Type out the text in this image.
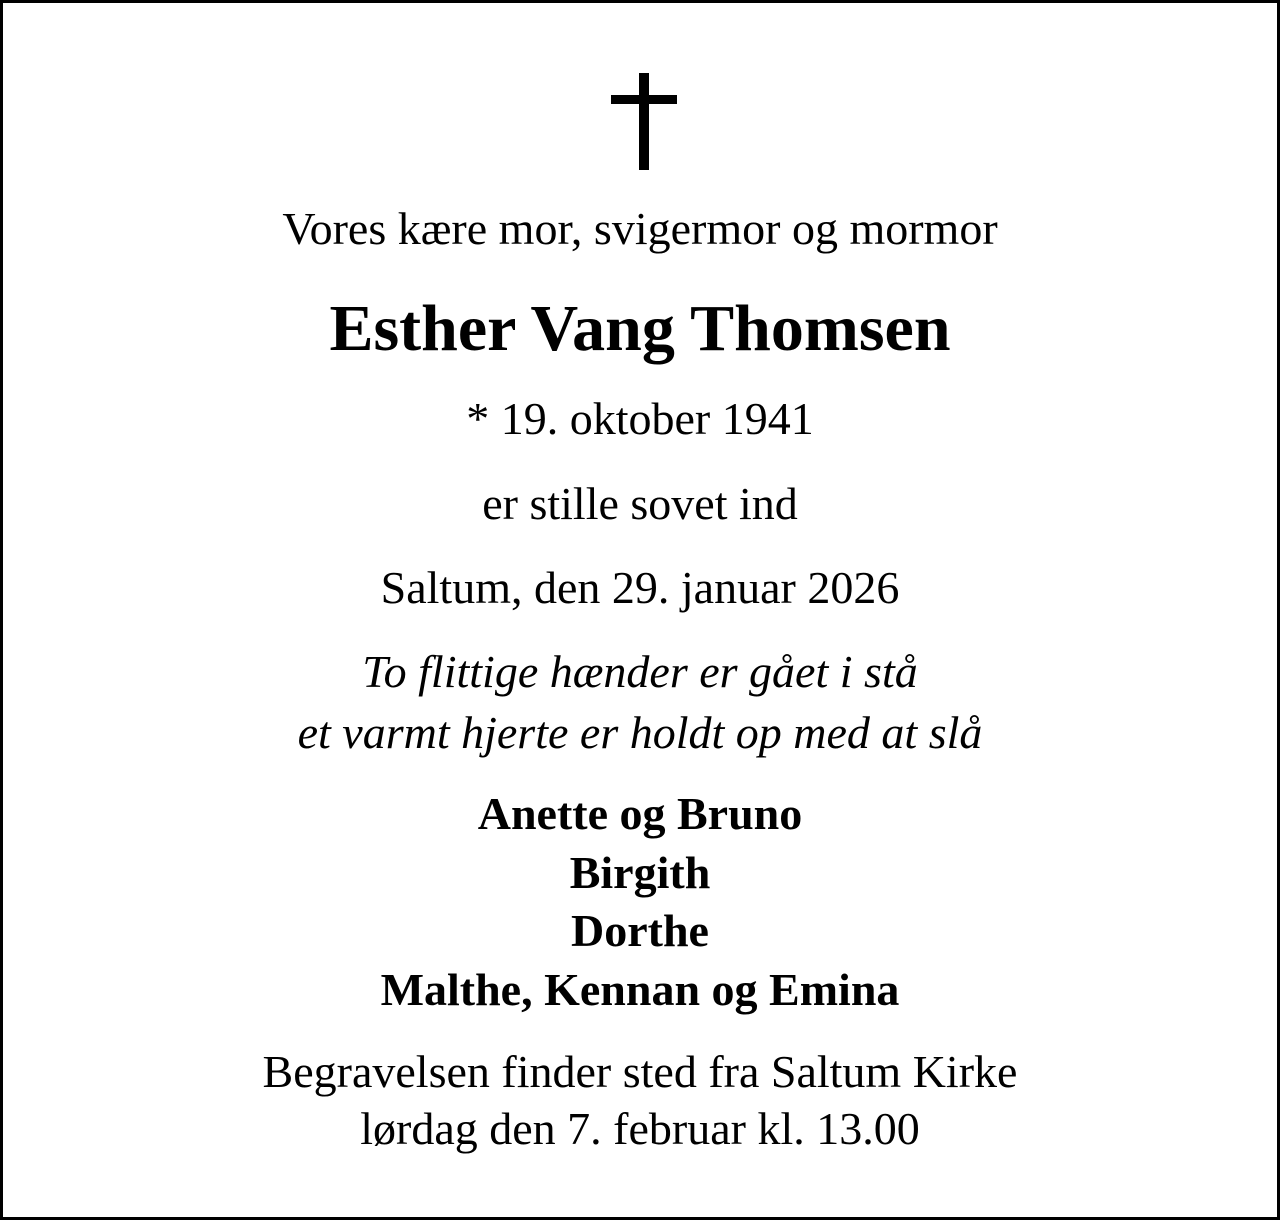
Vores kære mor, svigermor og mormor

Esther Vang Thomsen

* 19. oktober 1941

er stille sovet ind

Saltum, den 29. januar 2026

To flittige hænder er gået i stå
et varmt hjerte er holdt op med at slå
Anette og Bruno
Birgith
Dorthe
Malthe, Kennan og Emina
Begravelsen finder sted fra Saltum Kirke
lørdag den 7. februar kl. 13.00
